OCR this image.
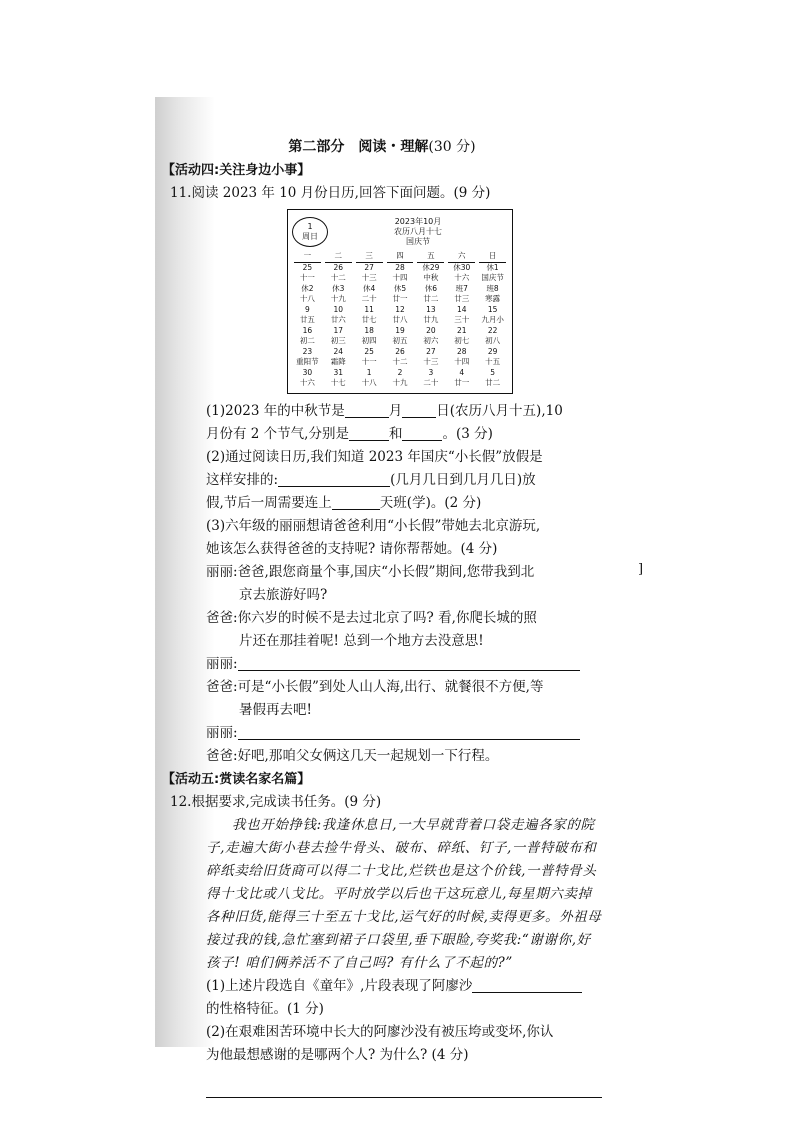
第二部分　阅读・理解(30 分)
【活动四:关注身边小事】
11.阅读 2023 年 10 月份日历,回答下面问题。(9 分)
1
周日
2023年10月
农历八月十七
国庆节
一	二	三	四	五	六	日
25	26	27	28	休29	休30	休1
十一	十二	十三	十四	中秋	十六	国庆节
休2	休3	休4	休5	休6	班7	班8
十八	十九	二十	廿一	廿二	廿三	寒露
9	10	11	12	13	14	15
廿五	廿六	廿七	廿八	廿九	三十	九月小
16	17	18	19	20	21	22
初二	初三	初四	初五	初六	初七	初八
23	24	25	26	27	28	29
重阳节	霜降	十一	十二	十三	十四	十五
30	31	1	2	3	4	5
十六	十七	十八	十九	二十	廿一	廿二
(1)2023 年的中秋节是	月	日(农历八月十五),10
月份有 2 个节气,分别是	和	。(3 分)
(2)通过阅读日历,我们知道 2023 年国庆“小长假”放假是
这样安排的:	(几月几日到几月几日)放
假,节后一周需要连上	天班(学)。(2 分)
(3)六年级的丽丽想请爸爸利用“小长假”带她去北京游玩,
她该怎么获得爸爸的支持呢? 请你帮帮她。(4 分)
丽丽:爸爸,跟您商量个事,国庆“小长假”期间,您带我到北
京去旅游好吗?
爸爸:你六岁的时候不是去过北京了吗? 看,你爬长城的照
片还在那挂着呢! 总到一个地方去没意思!
丽丽:
爸爸:可是“小长假”到处人山人海,出行、就餐很不方便,等
暑假再去吧!
丽丽:
爸爸:好吧,那咱父女俩这几天一起规划一下行程。
【活动五:赏读名家名篇】
12.根据要求,完成读书任务。(9 分)
我也开始挣钱:我逢休息日,一大早就背着口袋走遍各家的院子,走遍大街小巷去捡牛骨头、破布、碎纸、钉子,一普特破布和碎纸卖给旧货商可以得二十戈比,烂铁也是这个价钱,一普特骨头得十戈比或八戈比。平时放学以后也干这玩意儿,每星期六卖掉各种旧货,能得三十至五十戈比,运气好的时候,卖得更多。外祖母接过我的钱,急忙塞到裙子口袋里,垂下眼睑,夸奖我:“谢谢你,好孩子! 咱们俩养活不了自己吗? 有什么了不起的?”
(1)上述片段选自《童年》,片段表现了阿廖沙
的性格特征。(1 分)
(2)在艰难困苦环境中长大的阿廖沙没有被压垮或变坏,你认
为他最想感谢的是哪两个人? 为什么? (4 分)
]
